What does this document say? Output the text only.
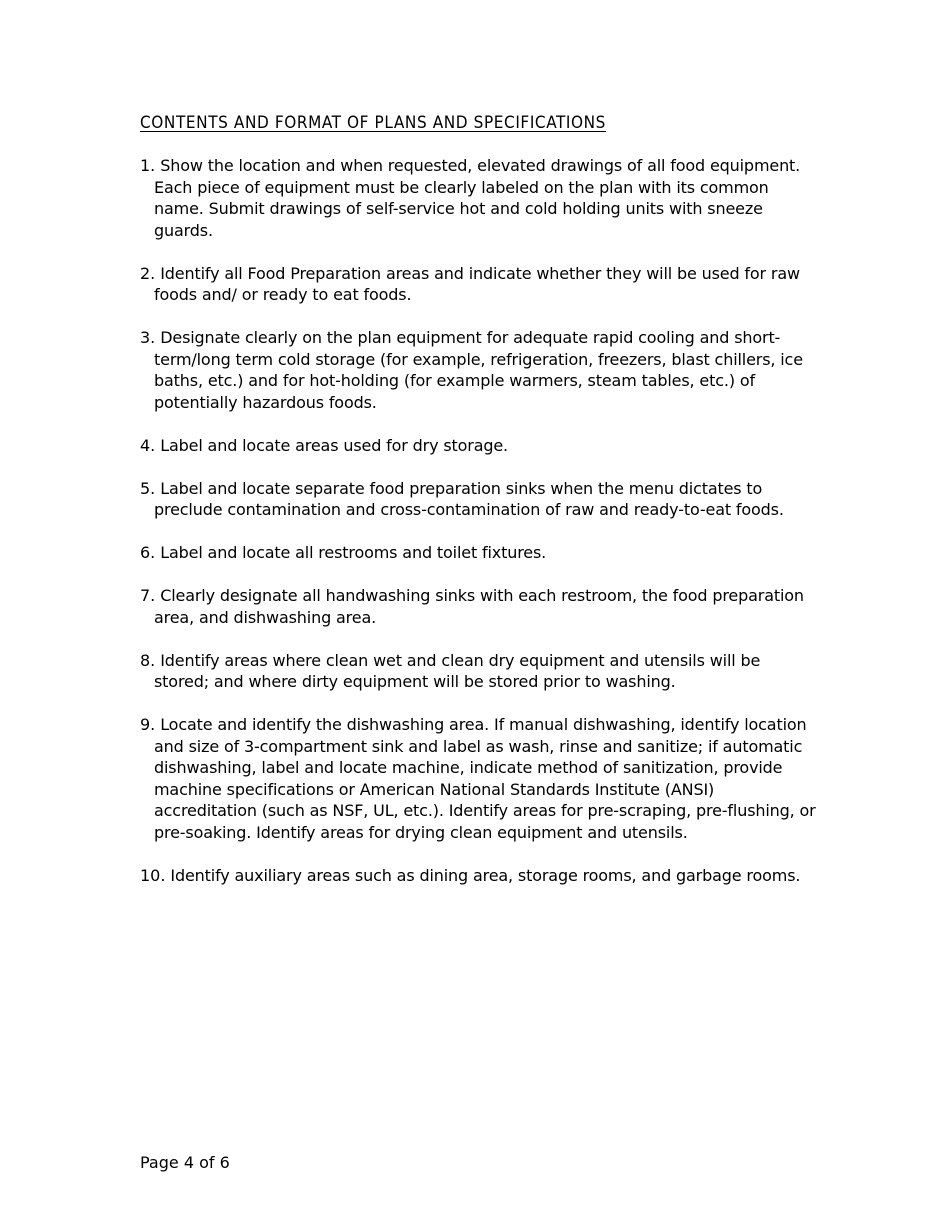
CONTENTS AND FORMAT OF PLANS AND SPECIFICATIONS
1. Show the location and when requested, elevated drawings of all food equipment. Each piece of equipment must be clearly labeled on the plan with its common name. Submit drawings of self-service hot and cold holding units with sneeze guards.
2. Identify all Food Preparation areas and indicate whether they will be used for raw foods and/ or ready to eat foods.
3. Designate clearly on the plan equipment for adequate rapid cooling and short-term/long term cold storage (for example, refrigeration, freezers, blast chillers, ice baths, etc.) and for hot-holding (for example warmers, steam tables, etc.) of potentially hazardous foods.
4. Label and locate areas used for dry storage.
5. Label and locate separate food preparation sinks when the menu dictates to preclude contamination and cross-contamination of raw and ready-to-eat foods.
6. Label and locate all restrooms and toilet fixtures.
7. Clearly designate all handwashing sinks with each restroom, the food preparation area, and dishwashing area.
8. Identify areas where clean wet and clean dry equipment and utensils will be stored; and where dirty equipment will be stored prior to washing.
9. Locate and identify the dishwashing area. If manual dishwashing, identify location and size of 3-compartment sink and label as wash, rinse and sanitize; if automatic dishwashing, label and locate machine, indicate method of sanitization, provide machine specifications or American National Standards Institute (ANSI) accreditation (such as NSF, UL, etc.). Identify areas for pre-scraping, pre-flushing, or pre-soaking. Identify areas for drying clean equipment and utensils.
10. Identify auxiliary areas such as dining area, storage rooms, and garbage rooms.
Page 4 of 6
